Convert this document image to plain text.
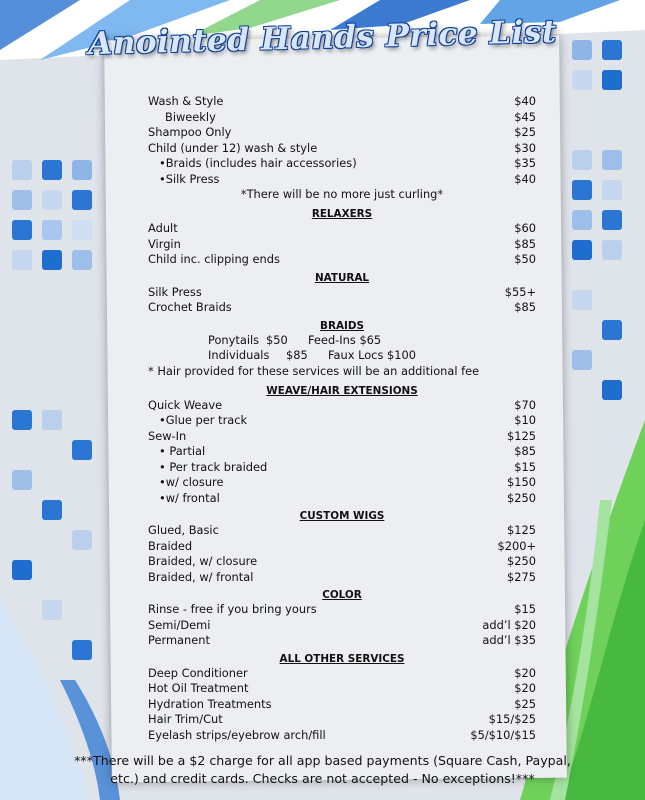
Anointed Hands Price List
Wash & Style	$40
Biweekly	$45
Shampoo Only	$25
Child (under 12) wash & style	$30
•Braids (includes hair accessories)	$35
•Silk Press	$40
*There will be no more just curling*
RELAXERS
Adult	$60
Virgin	$85
Child inc. clipping ends	$50
NATURAL
Silk Press	$55+
Crochet Braids	$85
BRAIDS
Ponytails $50 Feed-Ins $65
Individuals $85 Faux Locs $100
* Hair provided for these services will be an additional fee
WEAVE/HAIR EXTENSIONS
Quick Weave	$70
•Glue per track	$10
Sew-In	$125
• Partial	$85
• Per track braided	$15
•w/ closure	$150
•w/ frontal	$250
CUSTOM WIGS
Glued, Basic	$125
Braided	$200+
Braided, w/ closure	$250
Braided, w/ frontal	$275
COLOR
Rinse - free if you bring yours	$15
Semi/Demi	add’l $20
Permanent	add’l $35
ALL OTHER SERVICES
Deep Conditioner	$20
Hot Oil Treatment	$20
Hydration Treatments	$25
Hair Trim/Cut	$15/$25
Eyelash strips/eyebrow arch/fill	$5/$10/$15
***There will be a $2 charge for all app based payments (Square Cash, Paypal,
etc.) and credit cards. Checks are not accepted - No exceptions!***
